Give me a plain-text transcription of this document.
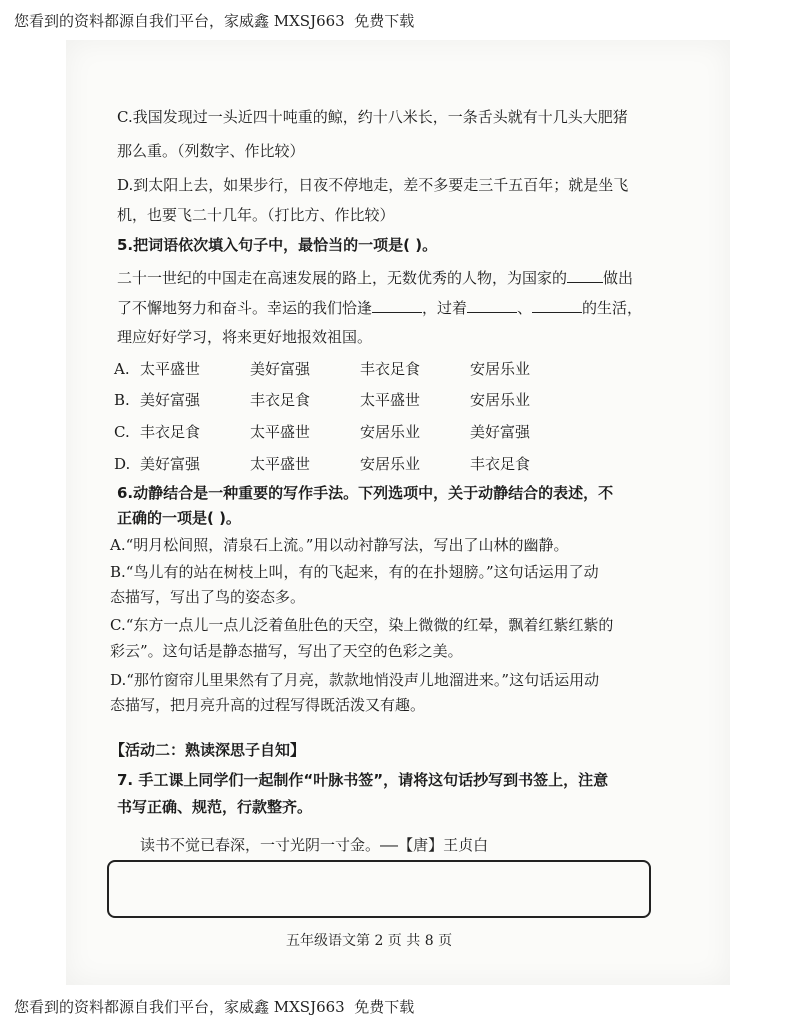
您看到的资料都源自我们平台，家威鑫 MXSJ663  免费下载
C.我国发现过一头近四十吨重的鲸，约十八米长，一条舌头就有十几头大肥猪
那么重。（列数字、作比较）
D.到太阳上去，如果步行，日夜不停地走，差不多要走三千五百年；就是坐飞
机，也要飞二十几年。（打比方、作比较）
5.把词语依次填入句子中，最恰当的一项是( )。
二十一世纪的中国走在高速发展的路上，无数优秀的人物，为国家的 做出
了不懈地努力和奋斗。幸运的我们恰逢	，过着	、	的生活，
理应好好学习，将来更好地报效祖国。
A. 太平盛世	美好富强	丰衣足食	安居乐业
B. 美好富强	丰衣足食	太平盛世	安居乐业
C. 丰衣足食	太平盛世	安居乐业	美好富强
D. 美好富强	太平盛世	安居乐业	丰衣足食
6.动静结合是一种重要的写作手法。下列选项中，关于动静结合的表述，不
正确的一项是( )。
A.“明月松间照，清泉石上流。”用以动衬静写法，写出了山林的幽静。
B.“鸟儿有的站在树枝上叫，有的飞起来，有的在扑翅膀。”这句话运用了动
态描写，写出了鸟的姿态多。
C.“东方一点儿一点儿泛着鱼肚色的天空，染上微微的红晕，飘着红紫红紫的
彩云”。这句话是静态描写，写出了天空的色彩之美。
D.“那竹窗帘儿里果然有了月亮，款款地悄没声儿地溜进来。”这句话运用动
态描写，把月亮升高的过程写得既活泼又有趣。
【活动二：熟读深思子自知】
7. 手工课上同学们一起制作“叶脉书签”，请将这句话抄写到书签上，注意
书写正确、规范，行款整齐。
读书不觉已春深，一寸光阴一寸金。——【唐】王贞白
五年级语文第 2 页 共 8 页
您看到的资料都源自我们平台，家威鑫 MXSJ663  免费下载
